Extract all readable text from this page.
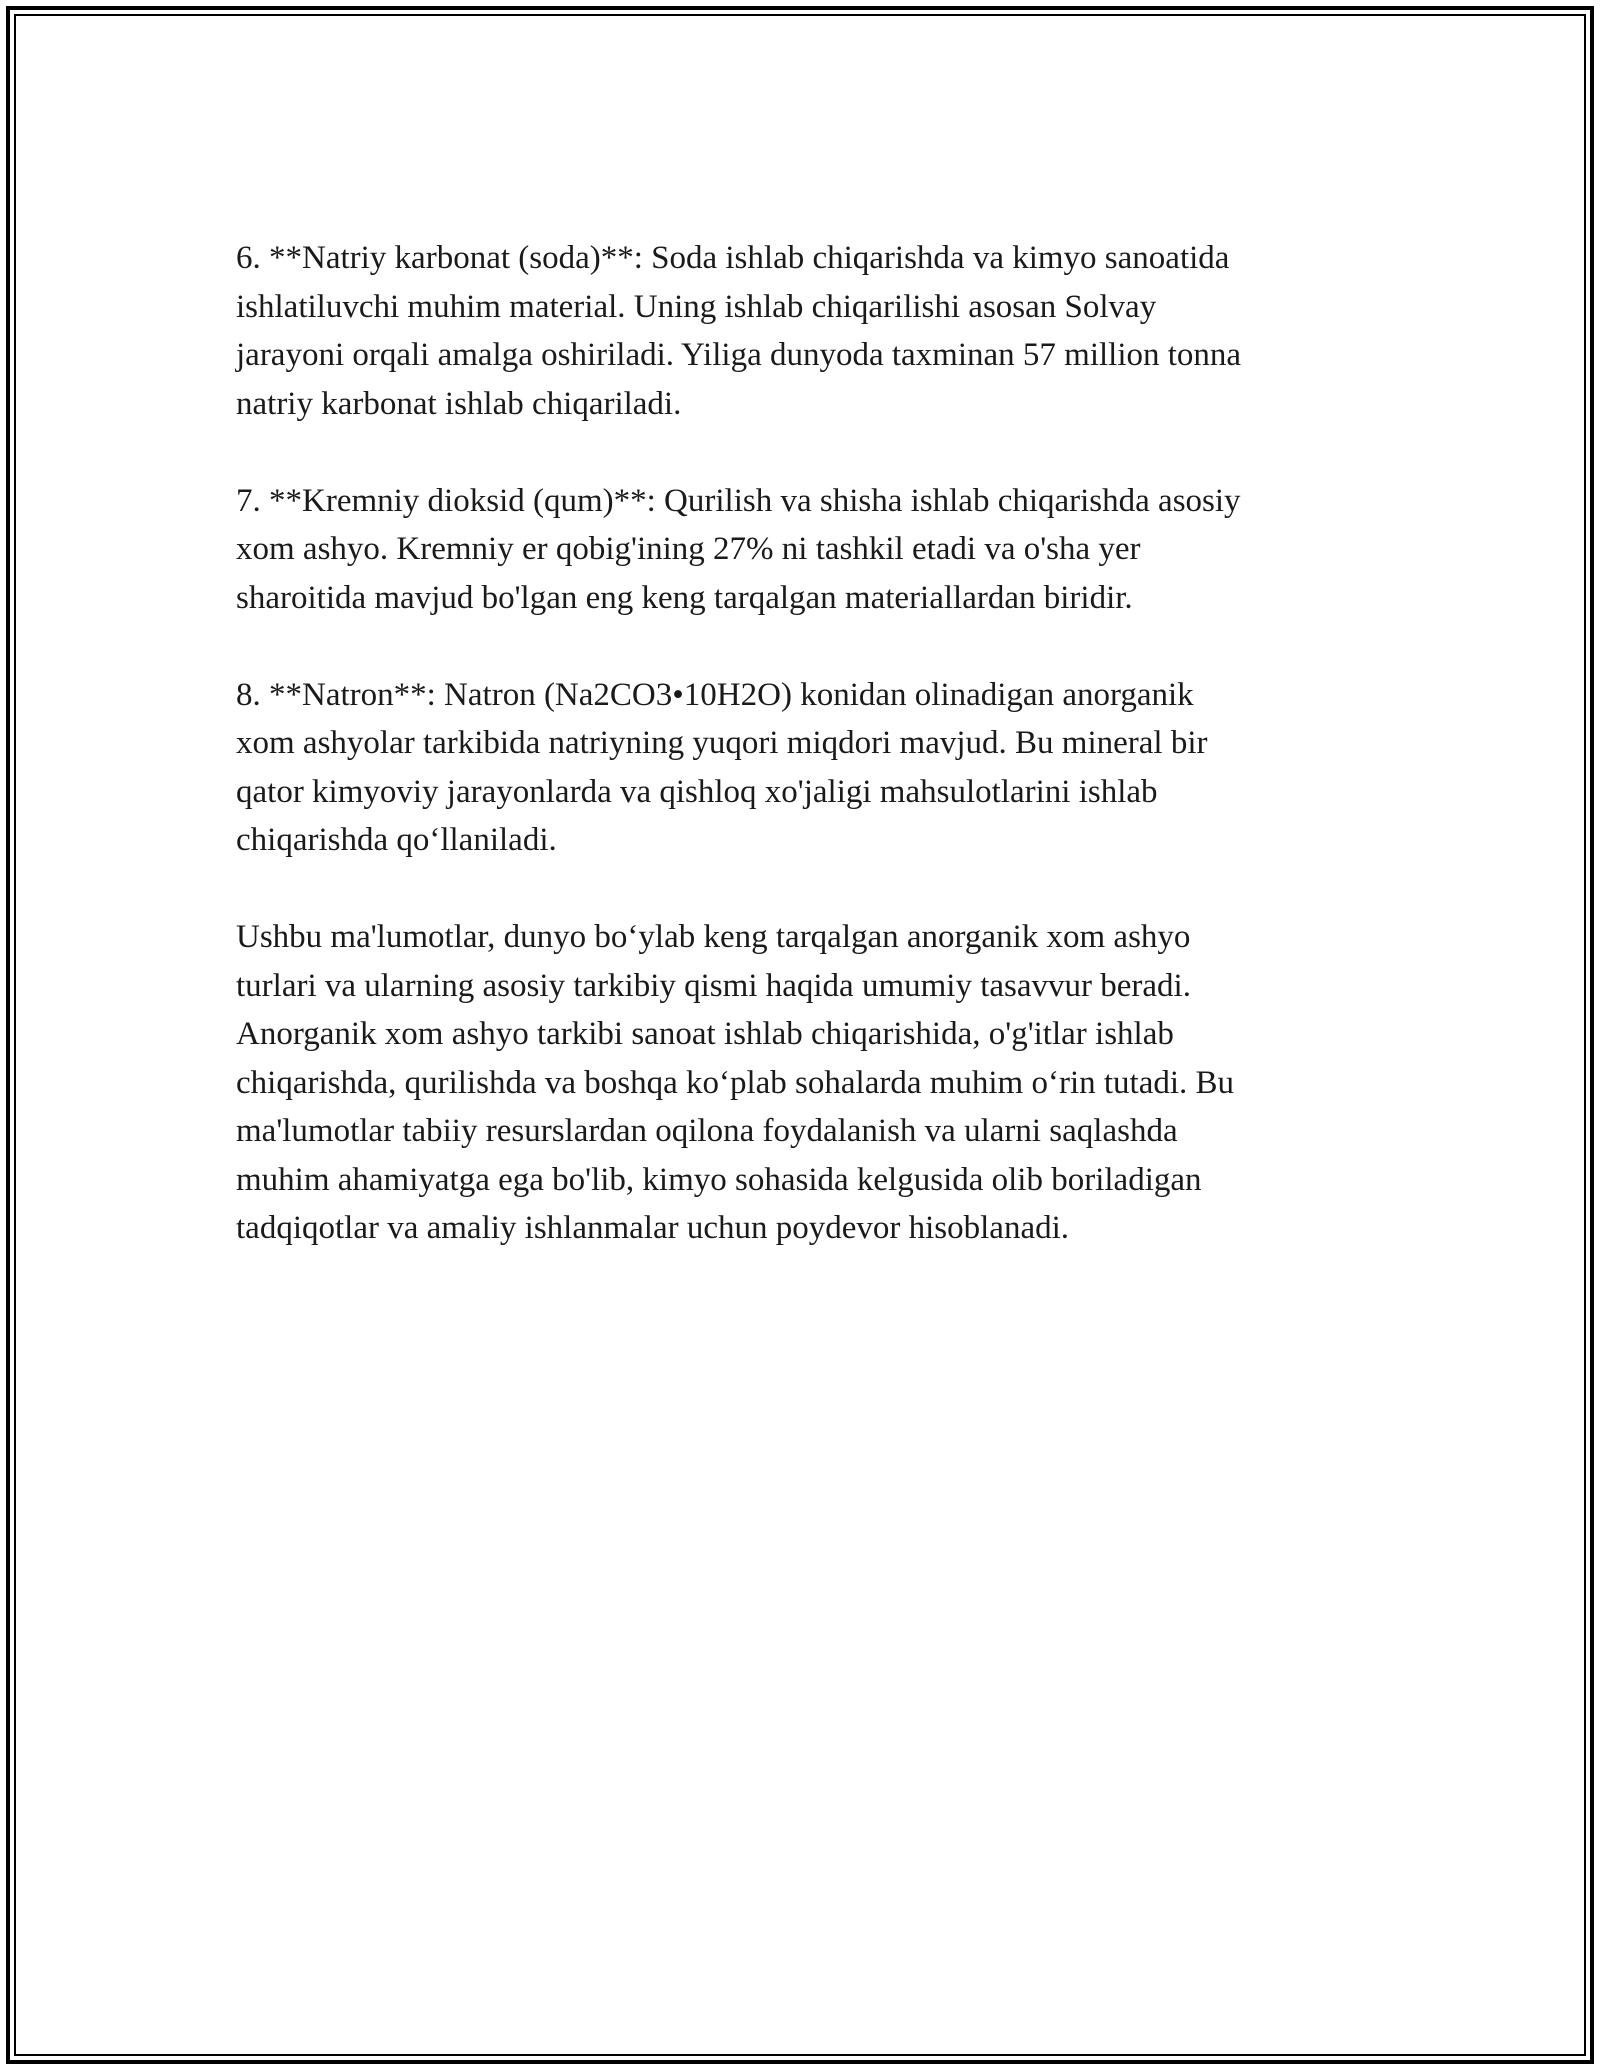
6. **Natriy karbonat (soda)**: Soda ishlab chiqarishda va kimyo sanoatida
ishlatiluvchi muhim material. Uning ishlab chiqarilishi asosan Solvay
jarayoni orqali amalga oshiriladi. Yiliga dunyoda taxminan 57 million tonna
natriy karbonat ishlab chiqariladi.

7. **Kremniy dioksid (qum)**: Qurilish va shisha ishlab chiqarishda asosiy
xom ashyo. Kremniy er qobig'ining 27% ni tashkil etadi va o'sha yer
sharoitida mavjud bo'lgan eng keng tarqalgan materiallardan biridir.

8. **Natron**: Natron (Na2CO3•10H2O) konidan olinadigan anorganik
xom ashyolar tarkibida natriyning yuqori miqdori mavjud. Bu mineral bir
qator kimyoviy jarayonlarda va qishloq xo'jaligi mahsulotlarini ishlab
chiqarishda qo‘llaniladi.

Ushbu ma'lumotlar, dunyo bo‘ylab keng tarqalgan anorganik xom ashyo
turlari va ularning asosiy tarkibiy qismi haqida umumiy tasavvur beradi.
Anorganik xom ashyo tarkibi sanoat ishlab chiqarishida, o'g'itlar ishlab
chiqarishda, qurilishda va boshqa ko‘plab sohalarda muhim o‘rin tutadi. Bu
ma'lumotlar tabiiy resurslardan oqilona foydalanish va ularni saqlashda
muhim ahamiyatga ega bo'lib, kimyo sohasida kelgusida olib boriladigan
tadqiqotlar va amaliy ishlanmalar uchun poydevor hisoblanadi.
